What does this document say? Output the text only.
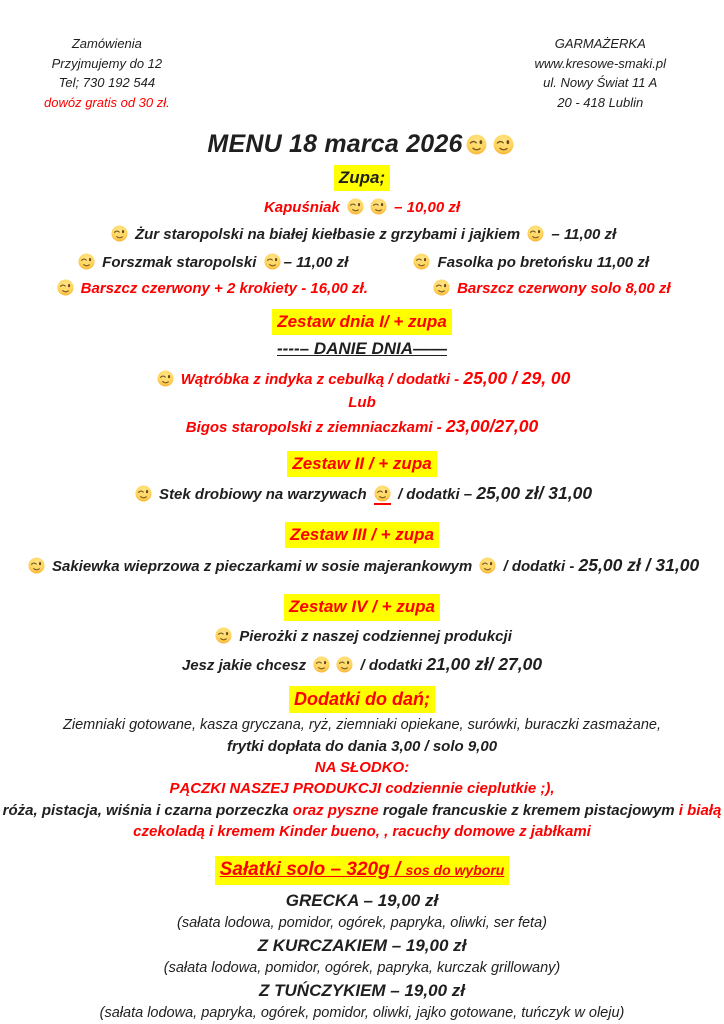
Zamówienia
Przyjmujemy do 12
Tel; 730 192 544
dowóz gratis od 30 zł.
GARMAŻERKA
www.kresowe-smaki.pl
ul. Nowy Świat 11 A
20 - 418 Lublin
MENU 18 marca 2026
Zupa;
Kapuśniak	– 10,00 zł
Żur staropolski na białej kiełbasie z grzybami i jajkiem  – 11,00 zł
Forszmak staropolski – 11,00 zł	Fasolka po bretońsku 11,00 zł
Barszcz czerwony + 2 krokiety - 16,00 zł.	Barszcz czerwony solo 8,00 zł
Zestaw dnia I/ + zupa
----– DANIE DNIA——
Wątróbka z indyka z cebulką / dodatki - 25,00 / 29, 00
Lub
Bigos staropolski z ziemniaczkami - 23,00/27,00
Zestaw II / + zupa
Stek drobiowy na warzywach  / dodatki – 25,00 zł/ 31,00
Zestaw III / + zupa
Sakiewka wieprzowa z pieczarkami w sosie majerankowym  / dodatki - 25,00 zł / 31,00
Zestaw IV / + zupa
Pierożki z naszej codziennej produkcji
Jesz jakie chcesz	/ dodatki 21,00 zł/ 27,00
Dodatki do dań;
Ziemniaki gotowane, kasza gryczana, ryż, ziemniaki opiekane, surówki, buraczki zasmażane,
frytki dopłata do dania 3,00 / solo 9,00
NA SŁODKO:
PĄCZKI NASZEJ PRODUKCJI codziennie cieplutkie ;),
róża, pistacja, wiśnia i czarna porzeczka oraz pyszne rogale francuskie z kremem pistacjowym i białą
czekoladą i kremem Kinder bueno, , racuchy domowe z jabłkami
Sałatki solo – 320g / sos do wyboru
GRECKA – 19,00 zł
(sałata lodowa, pomidor, ogórek, papryka, oliwki, ser feta)
Z KURCZAKIEM – 19,00 zł
(sałata lodowa, pomidor, ogórek, papryka, kurczak grillowany)
Z TUŃCZYKIEM – 19,00 zł
(sałata lodowa, papryka, ogórek, pomidor, oliwki, jajko gotowane, tuńczyk w oleju)
